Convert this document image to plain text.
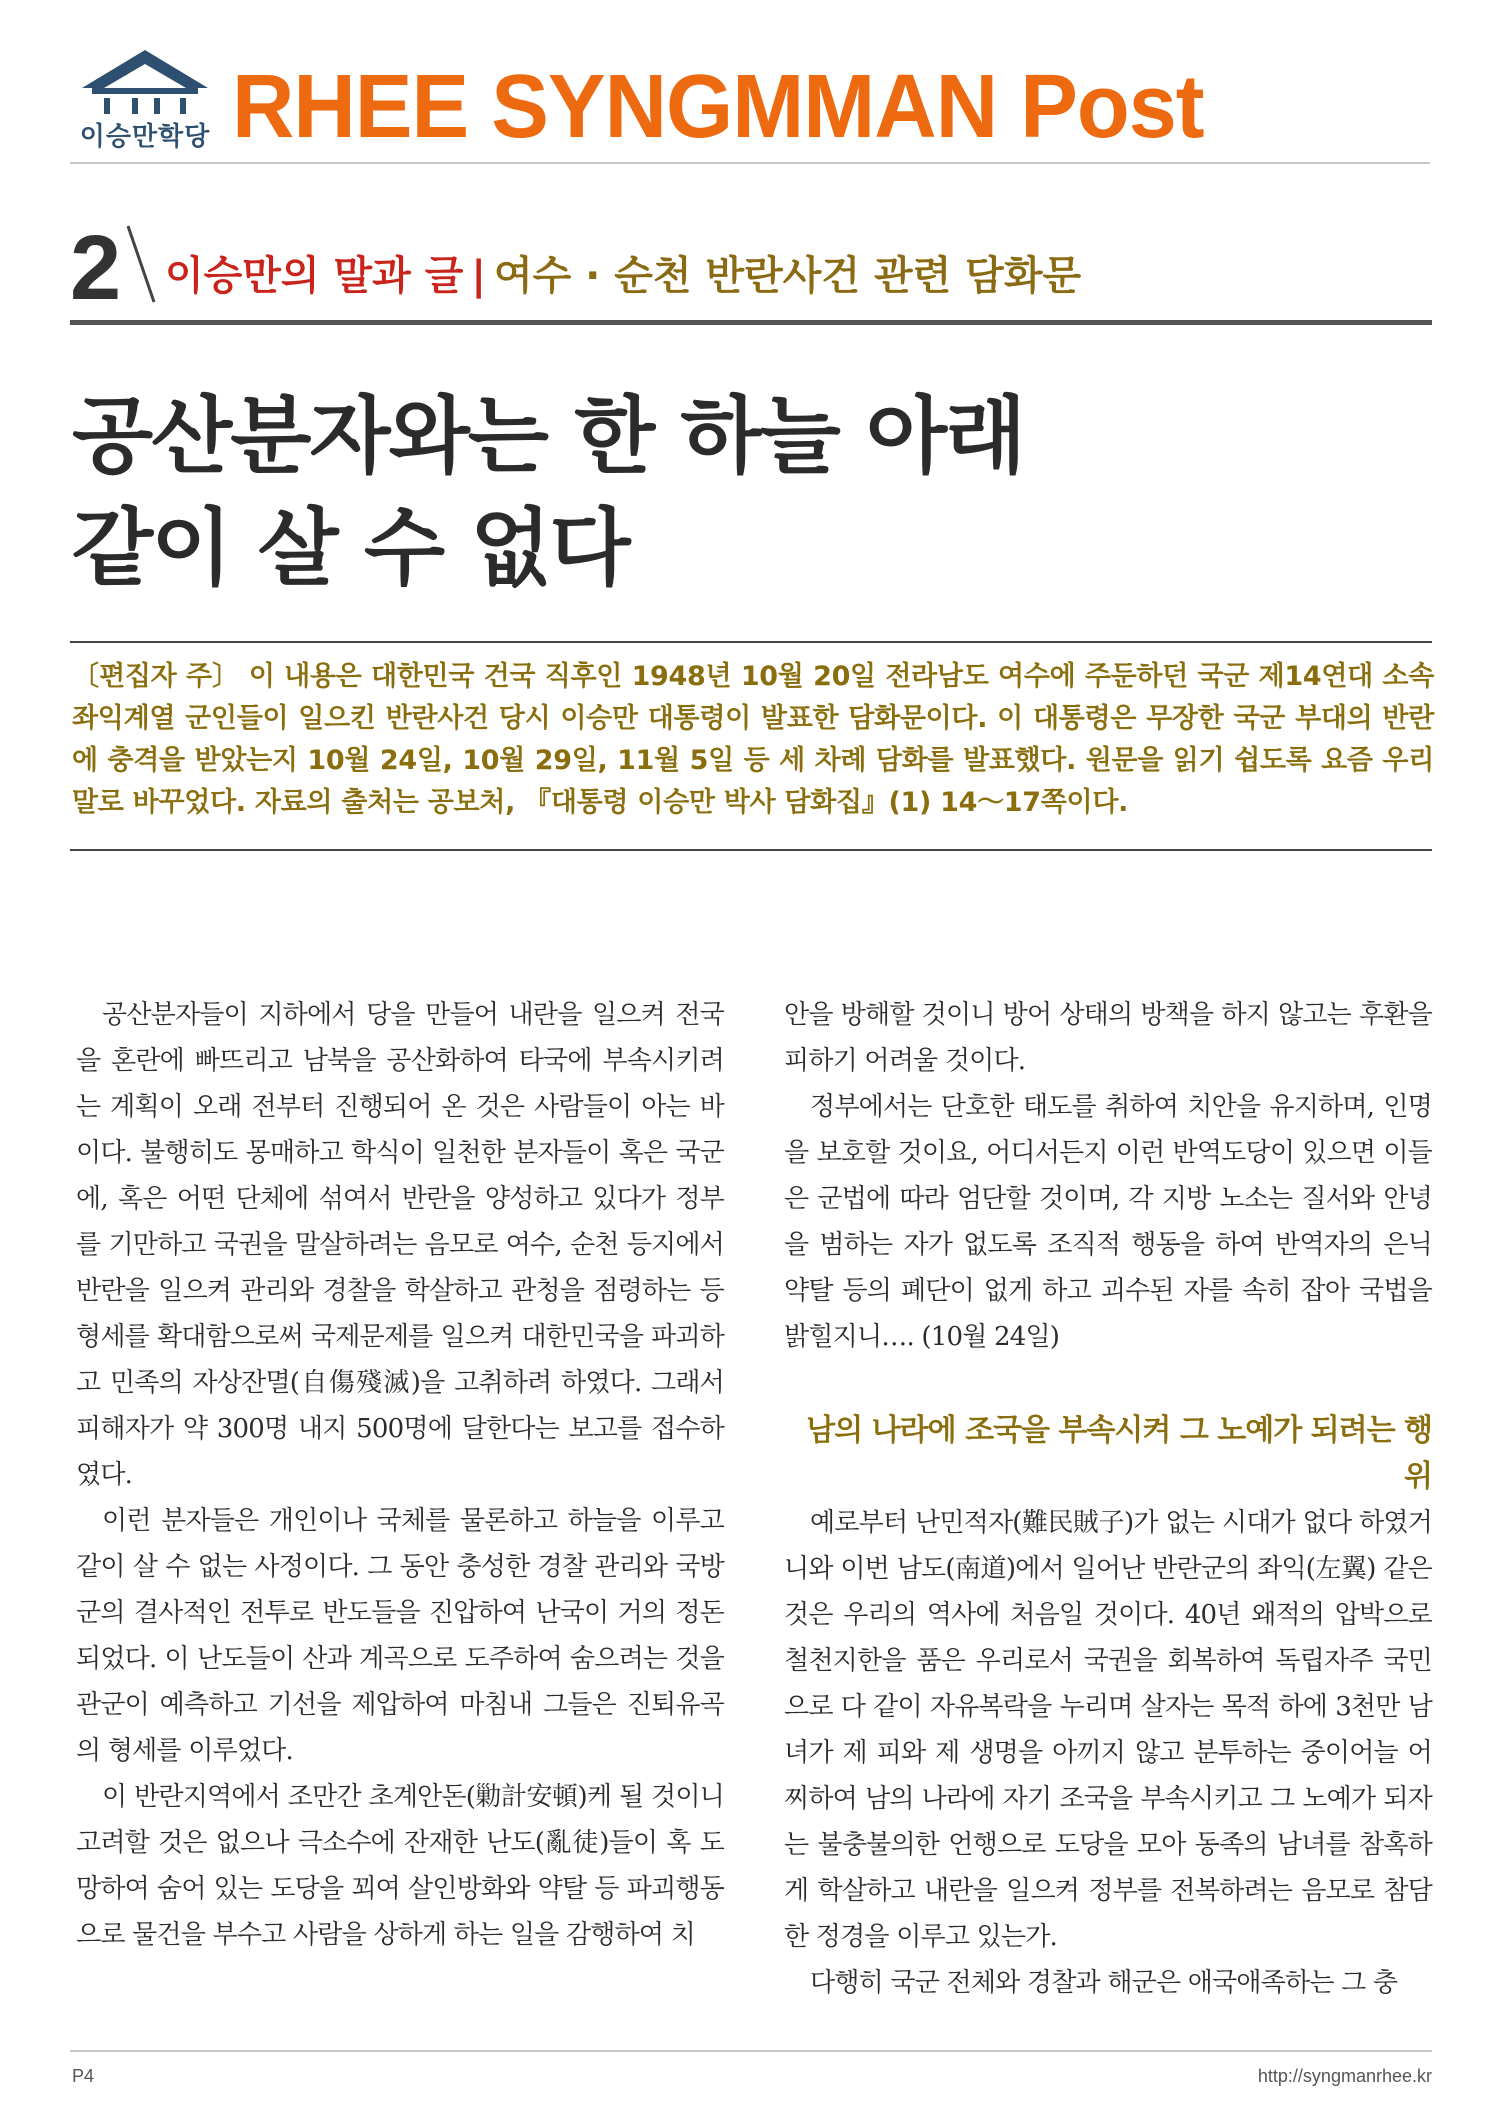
이승만학당 RHEE SYNGMMAN Post
2 이승만의 말과 글 | 여수 · 순천 반란사건 관련 담화문
공산분자와는 한 하늘 아래
같이 살 수 없다
〔편집자 주〕 이 내용은 대한민국 건국 직후인 1948년 10월 20일 전라남도 여수에 주둔하던 국군 제14연대 소속 좌익계열 군인들이 일으킨 반란사건 당시 이승만 대통령이 발표한 담화문이다. 이 대통령은 무장한 국군 부대의 반란에 충격을 받았는지 10월 24일, 10월 29일, 11월 5일 등 세 차례 담화를 발표했다. 원문을 읽기 쉽도록 요즘 우리말로 바꾸었다. 자료의 출처는 공보처, 『대통령 이승만 박사 담화집』(1) 14～17쪽이다.

공산분자들이 지하에서 당을 만들어 내란을 일으켜 전국을 혼란에 빠뜨리고 남북을 공산화하여 타국에 부속시키려는 계획이 오래 전부터 진행되어 온 것은 사람들이 아는 바이다. 불행히도 몽매하고 학식이 일천한 분자들이 혹은 국군에, 혹은 어떤 단체에 섞여서 반란을 양성하고 있다가 정부를 기만하고 국권을 말살하려는 음모로 여수, 순천 등지에서 반란을 일으켜 관리와 경찰을 학살하고 관청을 점령하는 등 형세를 확대함으로써 국제문제를 일으켜 대한민국을 파괴하고 민족의 자상잔멸(自傷殘滅)을 고취하려 하였다. 그래서 피해자가 약 300명 내지 500명에 달한다는 보고를 접수하였다.

이런 분자들은 개인이나 국체를 물론하고 하늘을 이루고 같이 살 수 없는 사정이다. 그 동안 충성한 경찰 관리와 국방군의 결사적인 전투로 반도들을 진압하여 난국이 거의 정돈되었다. 이 난도들이 산과 계곡으로 도주하여 숨으려는 것을 관군이 예측하고 기선을 제압하여 마침내 그들은 진퇴유곡의 형세를 이루었다.

이 반란지역에서 조만간 초계안돈(勦計安頓)케 될 것이니 고려할 것은 없으나 극소수에 잔재한 난도(亂徒)들이 혹 도망하여 숨어 있는 도당을 꾀여 살인방화와 약탈 등 파괴행동으로 물건을 부수고 사람을 상하게 하는 일을 감행하여 치

안을 방해할 것이니 방어 상태의 방책을 하지 않고는 후환을 피하기 어려울 것이다.

정부에서는 단호한 태도를 취하여 치안을 유지하며, 인명을 보호할 것이요, 어디서든지 이런 반역도당이 있으면 이들은 군법에 따라 엄단할 것이며, 각 지방 노소는 질서와 안녕을 범하는 자가 없도록 조직적 행동을 하여 반역자의 은닉 약탈 등의 폐단이 없게 하고 괴수된 자를 속히 잡아 국법을 밝힐지니…. (10월 24일)

남의 나라에 조국을 부속시켜 그 노예가 되려는 행위

예로부터 난민적자(難民賊子)가 없는 시대가 없다 하였거니와 이번 남도(南道)에서 일어난 반란군의 좌익(左翼) 같은 것은 우리의 역사에 처음일 것이다. 40년 왜적의 압박으로 철천지한을 품은 우리로서 국권을 회복하여 독립자주 국민으로 다 같이 자유복락을 누리며 살자는 목적 하에 3천만 남녀가 제 피와 제 생명을 아끼지 않고 분투하는 중이어늘 어찌하여 남의 나라에 자기 조국을 부속시키고 그 노예가 되자는 불충불의한 언행으로 도당을 모아 동족의 남녀를 참혹하게 학살하고 내란을 일으켜 정부를 전복하려는 음모로 참담한 정경을 이루고 있는가.

다행히 국군 전체와 경찰과 해군은 애국애족하는 그 충

P4	http://syngmanrhee.kr
